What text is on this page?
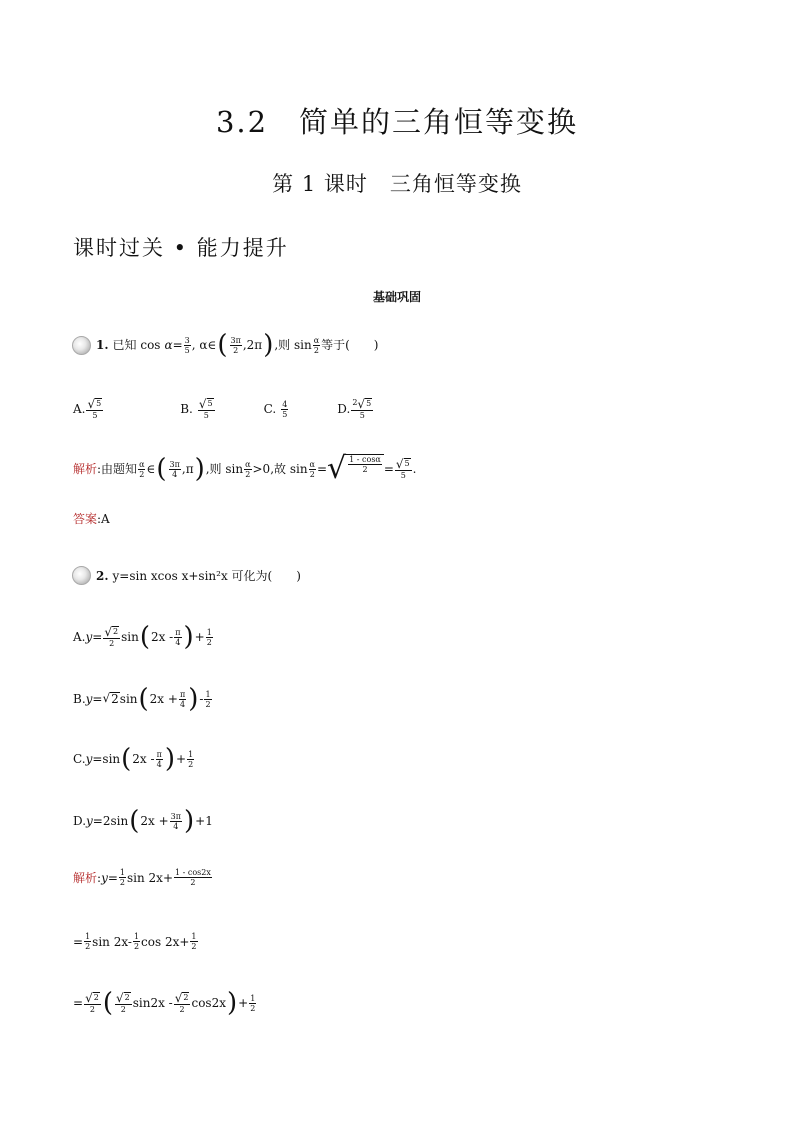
3.2　简单的三角恒等变换
第 1 课时　三角恒等变换
课时过关 • 能力提升
基础巩固
1. 已知 $\cos \alpha = \frac{3}{5}$ , α∈ ( $\frac{3\pi}{2} ,2\pi$ ) ,则 $\sin \frac{\alpha}{2}$ 等于(　　)
A. $\frac{√ 5}{5}$	B. $\frac{√ 5}{5}$	C. $\frac{4}{5}$	D. $\frac{2 √ 5}{5}$
解析 :由题知 $\frac{\alpha}{2}$ ∈ ( $\frac{3\pi}{4} ,\pi$ ) ,则 $\sin \frac{\alpha}{2} >0$,故 $\sin \frac{\alpha}{2}$ = √ $\frac{1 - \cos\alpha}{2} = \frac{√ 5}{5}$ .
答案 :A
2. y=sin xcos x+sin²x 可化为(　　)
A. $y = \frac{√ 2}{2}$ sin ( $2x - \frac{\pi}{4}$ ) + $\frac{1}{2}$
B. y = √ 2 sin ( $2x + \frac{\pi}{4}$ ) - $\frac{1}{2}$
C. y =sin ( $2x - \frac{\pi}{4}$ ) + $\frac{1}{2}$
D. y =2sin ( $2x + \frac{3\pi}{4}$ ) +1
解析 : $y = \frac{1}{2}$ $\sin 2x+ \frac{1 - \cos 2x}{2}$
= $\frac{1}{2}$ $\sin 2x- \frac{1}{2}$ $\cos 2x+ \frac{1}{2}$
= $\frac{√ 2}{2}$ ( $\frac{√ 2}{2} \sin 2x - \frac{√ 2}{2} \cos 2x$ ) + $\frac{1}{2}$
